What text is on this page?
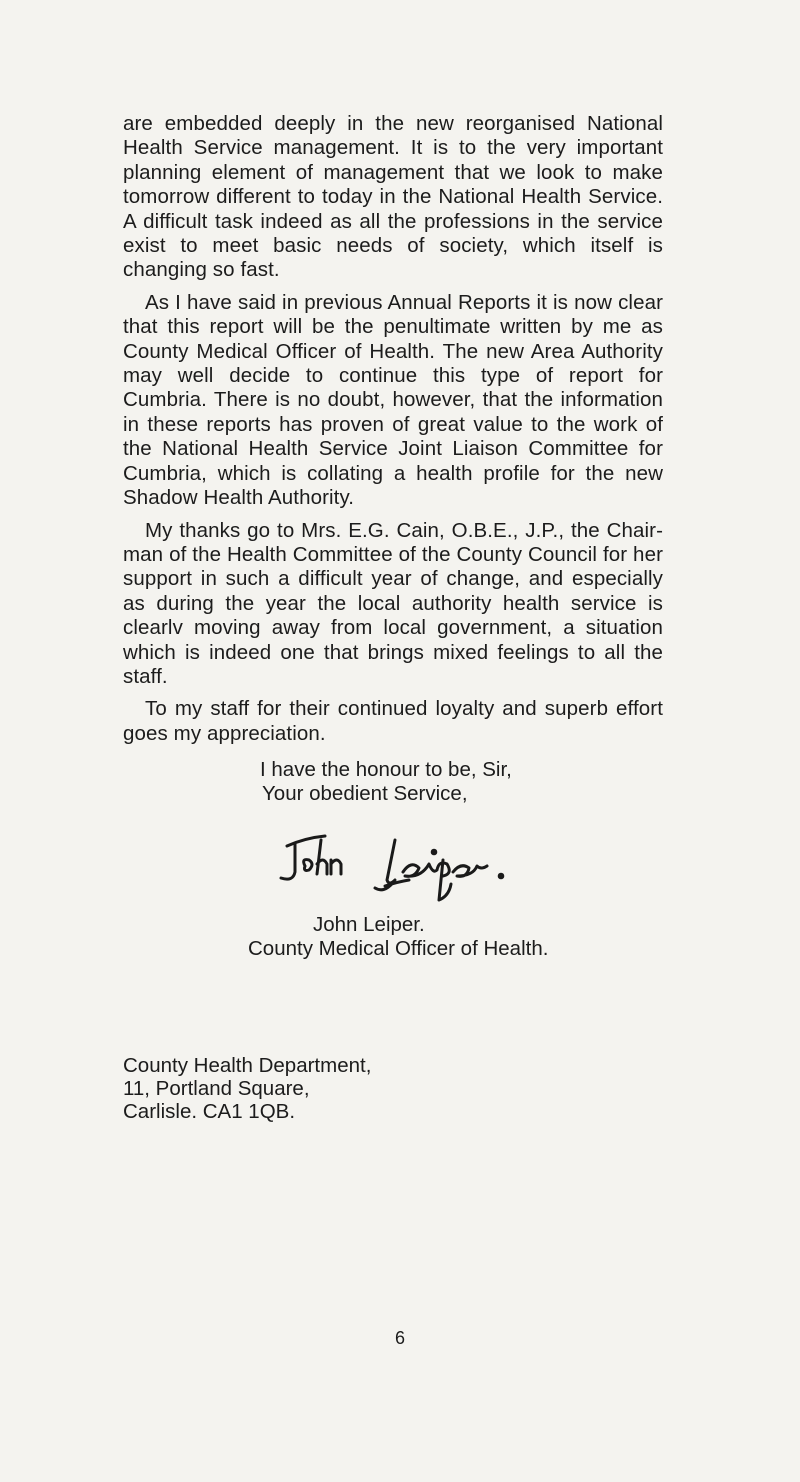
are embedded deeply in the new reorganised National Health Service management. It is to the very important planning element of management that we look to make tomorrow different to today in the National Health Service. A difficult task indeed as all the professions in the service exist to meet basic needs of society, which itself is changing so fast.

As I have said in previous Annual Reports it is now clear that this report will be the penultimate written by me as County Medical Officer of Health. The new Area Authority may well decide to continue this type of report for Cumbria. There is no doubt, however, that the information in these reports has proven of great value to the work of the National Health Service Joint Liaison Committee for Cumbria, which is collating a health profile for the new Shadow Health Authority.

My thanks go to Mrs. E.G. Cain, O.B.E., J.P., the Chair-man of the Health Committee of the County Council for her support in such a difficult year of change, and especially as during the year the local authority health service is clearlv moving away from local government, a situation which is indeed one that brings mixed feelings to all the staff.

To my staff for their continued loyalty and superb effort goes my appreciation.

I have the honour to be, Sir,
Your obedient Service,
John Leiper.
County Medical Officer of Health.
County Health Department,
11, Portland Square,
Carlisle. CA1 1QB.
6
